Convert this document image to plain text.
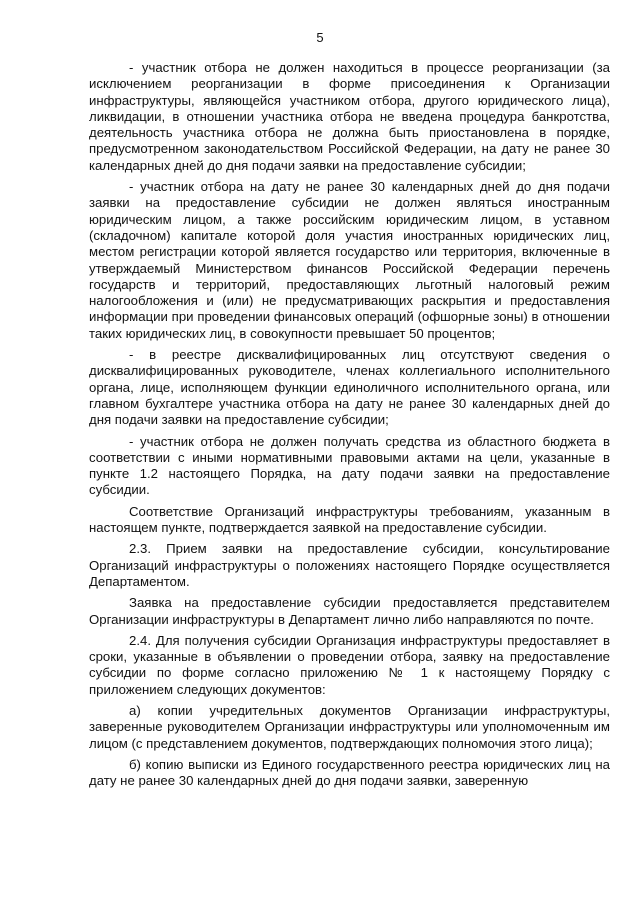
5

- участник отбора не должен находиться в процессе реорганизации (за исключением реорганизации в форме присоединения к Организации инфраструктуры, являющейся участником отбора, другого юридического лица), ликвидации, в отношении участника отбора не введена процедура банкротства, деятельность участника отбора не должна быть приостановлена в порядке, предусмотренном законодательством Российской Федерации, на дату не ранее 30 календарных дней до дня подачи заявки на предоставление субсидии;

- участник отбора на дату не ранее 30 календарных дней до дня подачи заявки на предоставление субсидии не должен являться иностранным юридическим лицом, а также российским юридическим лицом, в уставном (складочном) капитале которой доля участия иностранных юридических лиц, местом регистрации которой является государство или территория, включенные в утверждаемый Министерством финансов Российской Федерации перечень государств и территорий, предоставляющих льготный налоговый режим налогообложения и (или) не предусматривающих раскрытия и предоставления информации при проведении финансовых операций (офшорные зоны) в отношении таких юридических лиц, в совокупности превышает 50 процентов;

- в реестре дисквалифицированных лиц отсутствуют сведения о дисквалифицированных руководителе, членах коллегиального исполнительного органа, лице, исполняющем функции единоличного исполнительного органа, или главном бухгалтере участника отбора на дату не ранее 30 календарных дней до дня подачи заявки на предоставление субсидии;

- участник отбора не должен получать средства из областного бюджета в соответствии с иными нормативными правовыми актами на цели, указанные в пункте 1.2 настоящего Порядка, на дату подачи заявки на предоставление субсидии.

Соответствие Организаций инфраструктуры требованиям, указанным в настоящем пункте, подтверждается заявкой на предоставление субсидии.

2.3. Прием заявки на предоставление субсидии, консультирование Организаций инфраструктуры о положениях настоящего Порядке осуществляется Департаментом.

Заявка на предоставление субсидии предоставляется представителем Организации инфраструктуры в Департамент лично либо направляются по почте.

2.4. Для получения субсидии Организация инфраструктуры предоставляет в сроки, указанные в объявлении о проведении отбора, заявку на предоставление субсидии по форме согласно приложению № 1 к настоящему Порядку с приложением следующих документов:

а) копии учредительных документов Организации инфраструктуры, заверенные руководителем Организации инфраструктуры или уполномоченным им лицом (с представлением документов, подтверждающих полномочия этого лица);

б) копию выписки из Единого государственного реестра юридических лиц на дату не ранее 30 календарных дней до дня подачи заявки, заверенную
